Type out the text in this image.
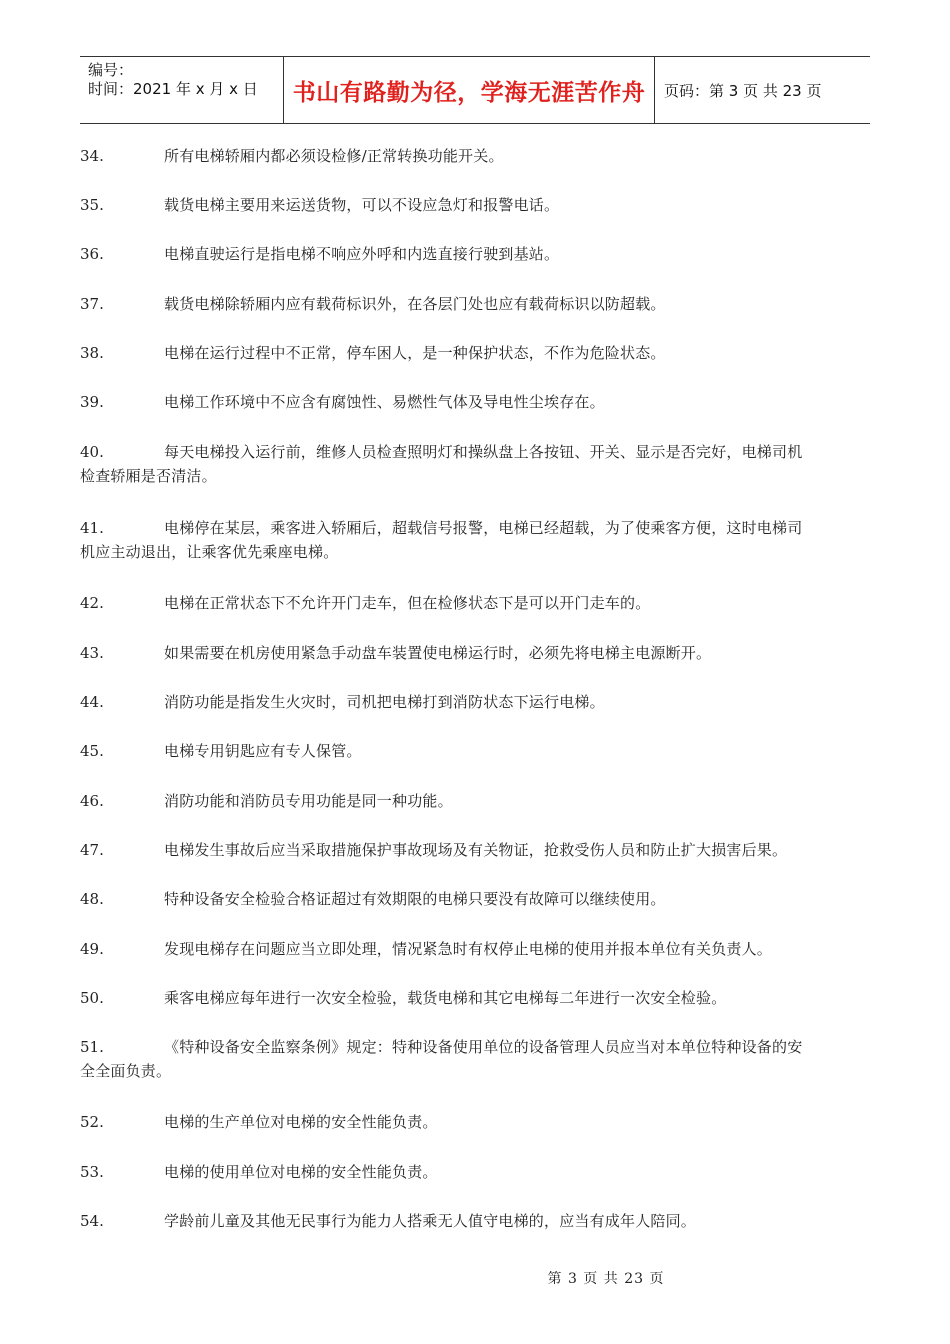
编号：
时间：2021 年 x 月 x 日	书山有路勤为径，学海无涯苦作舟	页码：第 3 页 共 23 页
34.	所有电梯轿厢内都必须设检修/正常转换功能开关。
35.	载货电梯主要用来运送货物，可以不设应急灯和报警电话。
36.	电梯直驶运行是指电梯不响应外呼和内选直接行驶到基站。
37.	载货电梯除轿厢内应有载荷标识外，在各层门处也应有载荷标识以防超载。
38.	电梯在运行过程中不正常，停车困人，是一种保护状态，不作为危险状态。
39.	电梯工作环境中不应含有腐蚀性、易燃性气体及导电性尘埃存在。
40.	每天电梯投入运行前，维修人员检查照明灯和操纵盘上各按钮、开关、显示是否完好，电梯司机
检查轿厢是否清洁。
41.	电梯停在某层，乘客进入轿厢后，超载信号报警，电梯已经超载，为了使乘客方便，这时电梯司
机应主动退出，让乘客优先乘座电梯。
42.	电梯在正常状态下不允许开门走车，但在检修状态下是可以开门走车的。
43.	如果需要在机房使用紧急手动盘车装置使电梯运行时，必须先将电梯主电源断开。
44.	消防功能是指发生火灾时，司机把电梯打到消防状态下运行电梯。
45.	电梯专用钥匙应有专人保管。
46.	消防功能和消防员专用功能是同一种功能。
47.	电梯发生事故后应当采取措施保护事故现场及有关物证，抢救受伤人员和防止扩大损害后果。
48.	特种设备安全检验合格证超过有效期限的电梯只要没有故障可以继续使用。
49.	发现电梯存在问题应当立即处理，情况紧急时有权停止电梯的使用并报本单位有关负责人。
50.	乘客电梯应每年进行一次安全检验，载货电梯和其它电梯每二年进行一次安全检验。
51.	《特种设备安全监察条例》规定：特种设备使用单位的设备管理人员应当对本单位特种设备的安
全全面负责。
52.	电梯的生产单位对电梯的安全性能负责。
53.	电梯的使用单位对电梯的安全性能负责。
54.	学龄前儿童及其他无民事行为能力人搭乘无人值守电梯的，应当有成年人陪同。
第 3 页 共 23 页
